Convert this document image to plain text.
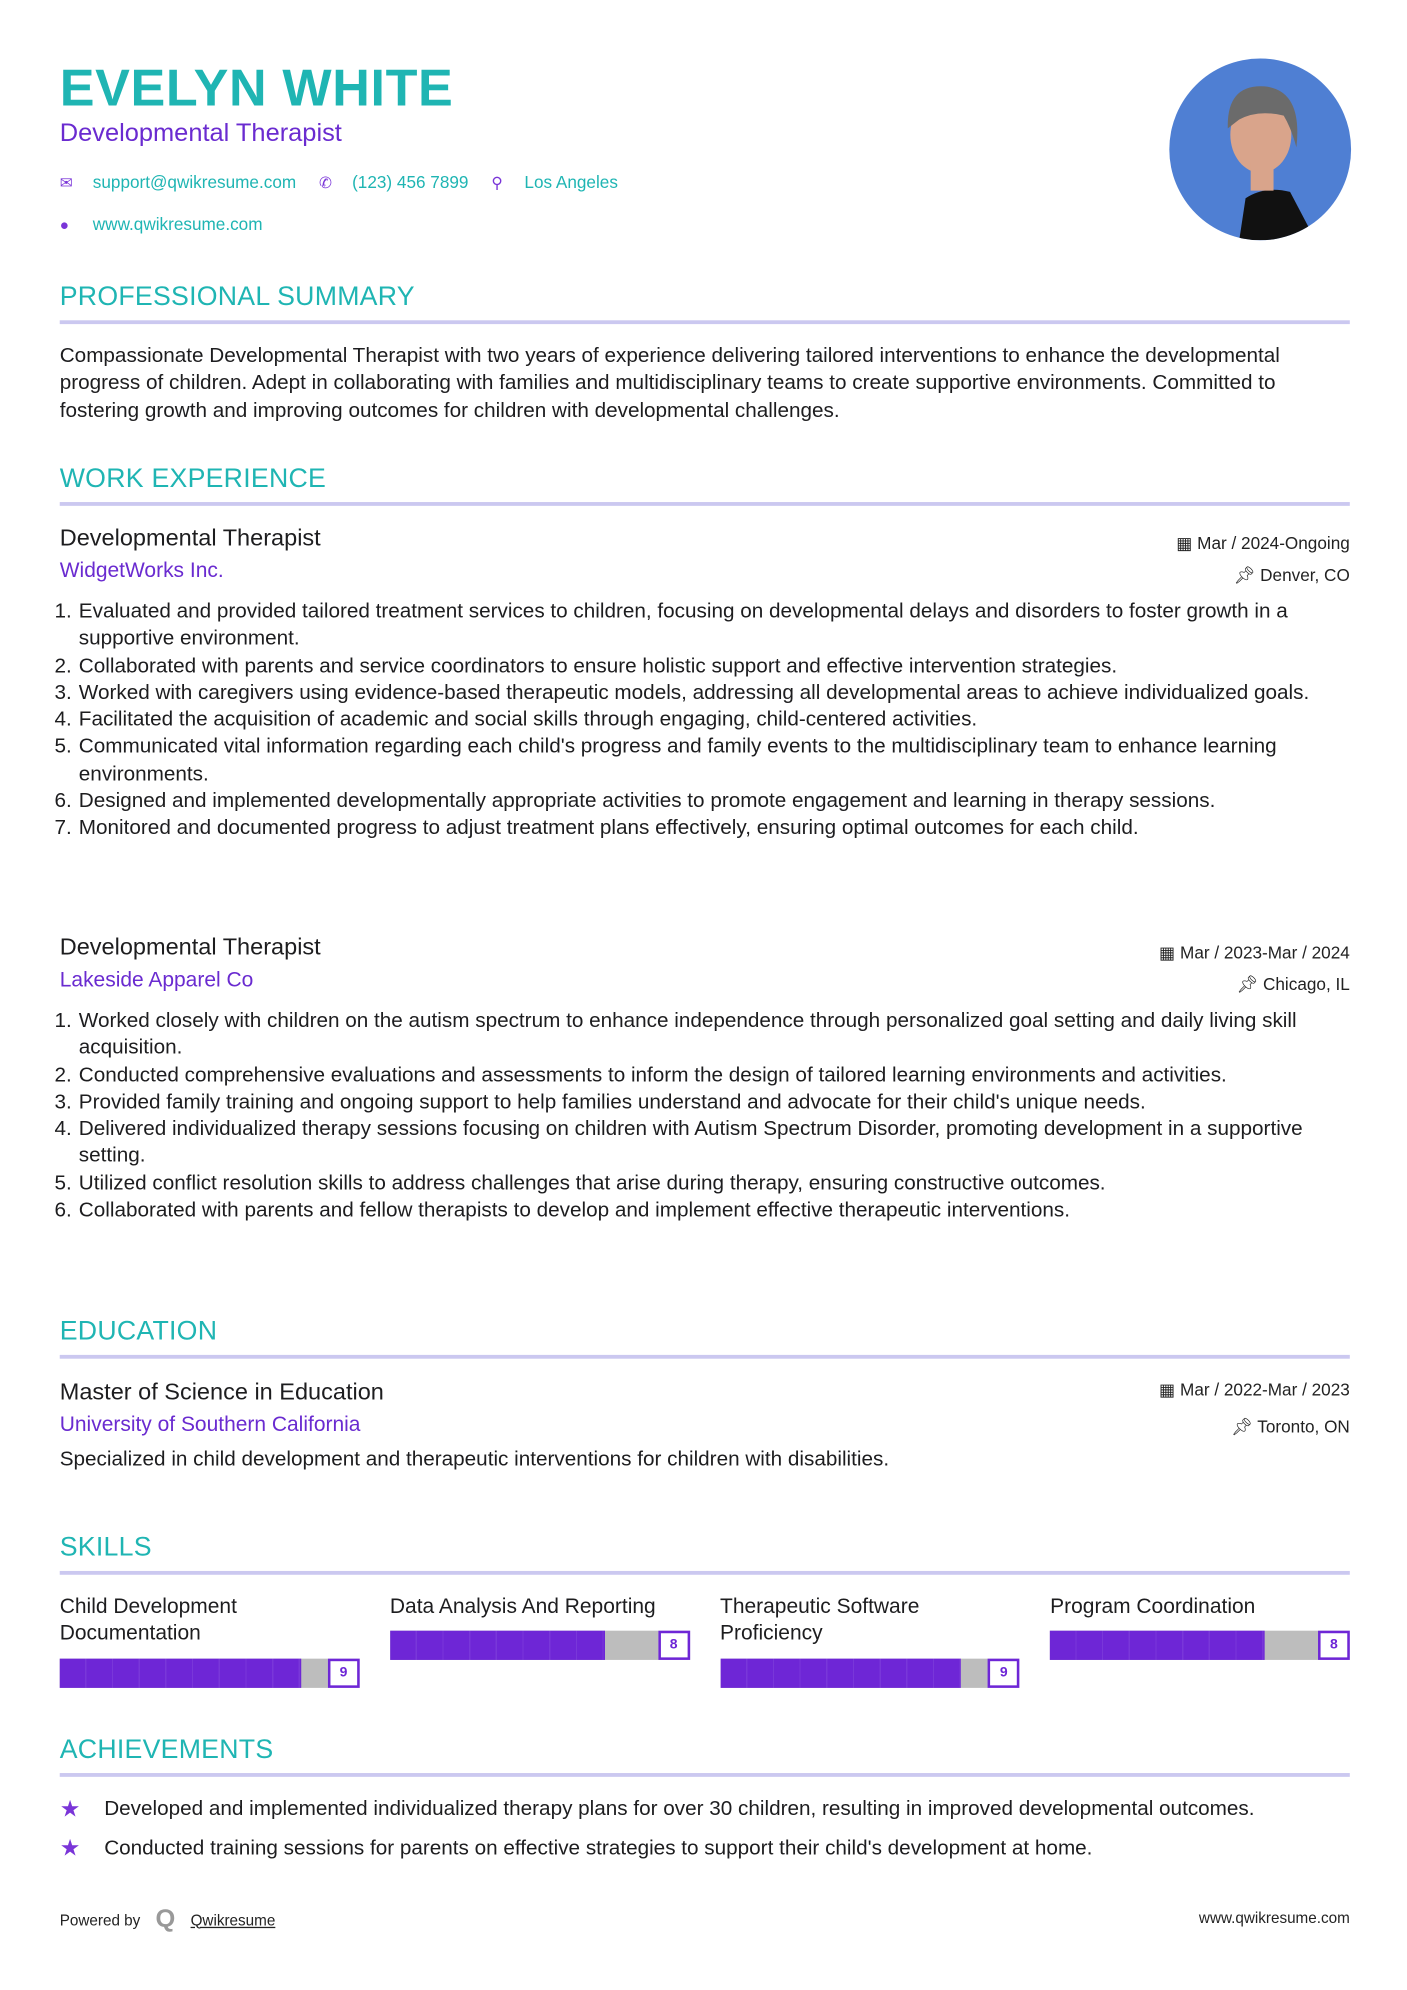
EVELYN WHITE
Developmental Therapist
✉	support@qwikresume.com ✆	(123) 456 7899 ⚲	Los Angeles
●	www.qwikresume.com
PROFESSIONAL SUMMARY

Compassionate Developmental Therapist with two years of experience delivering tailored interventions to enhance the developmental progress of children. Adept in collaborating with families and multidisciplinary teams to create supportive environments. Committed to fostering growth and improving outcomes for children with developmental challenges.

WORK EXPERIENCE
Developmental Therapist
WidgetWorks Inc.
▦ Mar / 2024-Ongoing
📌︎ Denver, CO
1. Evaluated and provided tailored treatment services to children, focusing on developmental delays and disorders to foster growth in a supportive environment.
2. Collaborated with parents and service coordinators to ensure holistic support and effective intervention strategies.
3. Worked with caregivers using evidence-based therapeutic models, addressing all developmental areas to achieve individualized goals.
4. Facilitated the acquisition of academic and social skills through engaging, child-centered activities.
5. Communicated vital information regarding each child's progress and family events to the multidisciplinary team to enhance learning environments.
6. Designed and implemented developmentally appropriate activities to promote engagement and learning in therapy sessions.
7. Monitored and documented progress to adjust treatment plans effectively, ensuring optimal outcomes for each child.
Developmental Therapist
Lakeside Apparel Co
▦ Mar / 2023-Mar / 2024
📌︎ Chicago, IL
1. Worked closely with children on the autism spectrum to enhance independence through personalized goal setting and daily living skill acquisition.
2. Conducted comprehensive evaluations and assessments to inform the design of tailored learning environments and activities.
3. Provided family training and ongoing support to help families understand and advocate for their child's unique needs.
4. Delivered individualized therapy sessions focusing on children with Autism Spectrum Disorder, promoting development in a supportive setting.
5. Utilized conflict resolution skills to address challenges that arise during therapy, ensuring constructive outcomes.
6. Collaborated with parents and fellow therapists to develop and implement effective therapeutic interventions.
EDUCATION
Master of Science in Education
University of Southern California
▦ Mar / 2022-Mar / 2023
📌︎ Toronto, ON

Specialized in child development and therapeutic interventions for children with disabilities.

SKILLS
Child Development Documentation
9
Data Analysis And Reporting
8
Therapeutic Software Proficiency
9
Program Coordination
8
ACHIEVEMENTS
★	Developed and implemented individualized therapy plans for over 30 children, resulting in improved developmental outcomes.
★	Conducted training sessions for parents on effective strategies to support their child's development at home.
Powered by Q Qwikresume	www.qwikresume.com
